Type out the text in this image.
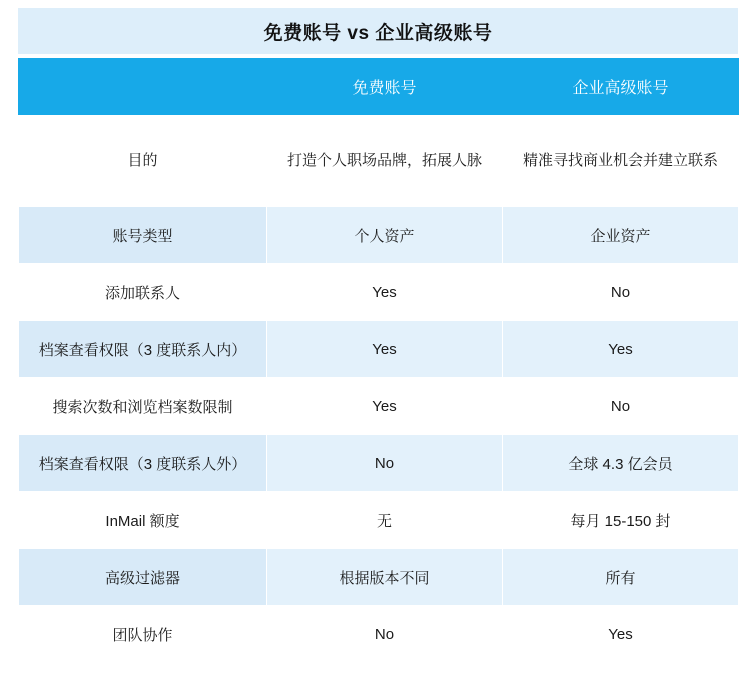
免费账号 vs 企业高级账号
	免费账号	企业高级账号
目的	打造个人职场品牌，拓展人脉	精准寻找商业机会并建立联系
账号类型	个人资产	企业资产
添加联系人	Yes	No
档案查看权限（3 度联系人内）	Yes	Yes
搜索次数和浏览档案数限制	Yes	No
档案查看权限（3 度联系人外）	No	全球 4.3 亿会员
InMail 额度	无	每月 15-150 封
高级过滤器	根据版本不同	所有
团队协作	No	Yes
